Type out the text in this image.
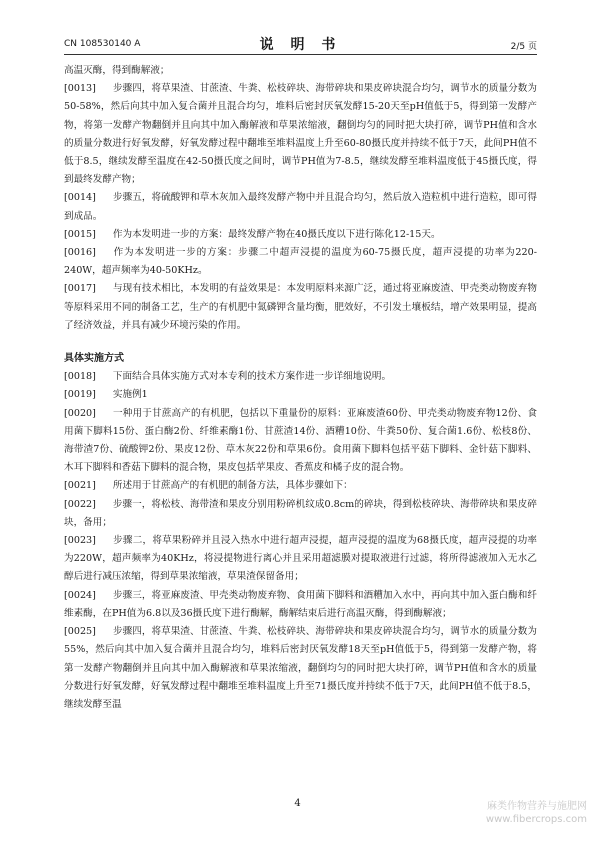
CN 108530140 A	说 明 书	2/5 页
高温灭酶，得到酶解液；
[0013] 步骤四，将草果渣、甘蔗渣、牛粪、松枝碎块、海带碎块和果皮碎块混合均匀，调节水的质量分数为50-58%，然后向其中加入复合菌并且混合均匀，堆料后密封厌氧发酵15-20天至pH值低于5，得到第一发酵产物，将第一发酵产物翻倒并且向其中加入酶解液和草果浓缩液，翻倒均匀的同时把大块打碎，调节PH值和含水的质量分数进行好氧发酵，好氧发酵过程中翻堆至堆料温度上升至60-80摄氏度并持续不低于7天，此间PH值不低于8.5，继续发酵至温度在42-50摄氏度之间时，调节PH值为7-8.5，继续发酵至堆料温度低于45摄氏度，得到最终发酵产物；
[0014] 步骤五，将硫酸钾和草木灰加入最终发酵产物中并且混合均匀，然后放入造粒机中进行造粒，即可得到成品。
[0015] 作为本发明进一步的方案：最终发酵产物在40摄氏度以下进行陈化12-15天。
[0016] 作为本发明进一步的方案：步骤二中超声浸提的温度为60-75摄氏度，超声浸提的功率为220-240W，超声频率为40-50KHz。
[0017] 与现有技术相比，本发明的有益效果是：本发明原料来源广泛，通过将亚麻废渣、甲壳类动物废弃物等原料采用不同的制备工艺，生产的有机肥中氮磷钾含量均衡，肥效好，不引发土壤板结，增产效果明显，提高了经济效益，并具有减少环境污染的作用。
具体实施方式
[0018] 下面结合具体实施方式对本专利的技术方案作进一步详细地说明。
[0019] 实施例1
[0020] 一种用于甘蔗高产的有机肥，包括以下重量份的原料：亚麻废渣60份、甲壳类动物废弃物12份、食用菌下脚料15份、蛋白酶2份、纤维素酶1份、甘蔗渣14份、酒糟10份、牛粪50份、复合菌1.6份、松枝8份、海带渣7份、硫酸钾2份、果皮12份、草木灰22份和草果6份。食用菌下脚料包括平菇下脚料、金针菇下脚料、木耳下脚料和香菇下脚料的混合物，果皮包括苹果皮、香蕉皮和橘子皮的混合物。
[0021] 所述用于甘蔗高产的有机肥的制备方法，具体步骤如下：
[0022] 步骤一，将松枝、海带渣和果皮分别用粉碎机纹成0.8cm的碎块，得到松枝碎块、海带碎块和果皮碎块，备用；
[0023] 步骤二，将草果粉碎并且浸入热水中进行超声浸提，超声浸提的温度为68摄氏度，超声浸提的功率为220W，超声频率为40KHz，将浸提物进行离心并且采用超滤膜对提取液进行过滤，将所得滤液加入无水乙醇后进行减压浓缩，得到草果浓缩液，草果渣保留备用；
[0024] 步骤三，将亚麻废渣、甲壳类动物废弃物、食用菌下脚料和酒糟加入水中，再向其中加入蛋白酶和纤维素酶，在PH值为6.8以及36摄氏度下进行酶解，酶解结束后进行高温灭酶，得到酶解液；
[0025] 步骤四，将草果渣、甘蔗渣、牛粪、松枝碎块、海带碎块和果皮碎块混合均匀，调节水的质量分数为55%，然后向其中加入复合菌并且混合均匀，堆料后密封厌氧发酵18天至pH值低于5，得到第一发酵产物，将第一发酵产物翻倒并且向其中加入酶解液和草果浓缩液，翻倒均匀的同时把大块打碎，调节PH值和含水的质量分数进行好氧发酵，好氧发酵过程中翻堆至堆料温度上升至71摄氏度并持续不低于7天，此间PH值不低于8.5，继续发酵至温
4	麻类作物营养与施肥网
www.fibercrops.com
